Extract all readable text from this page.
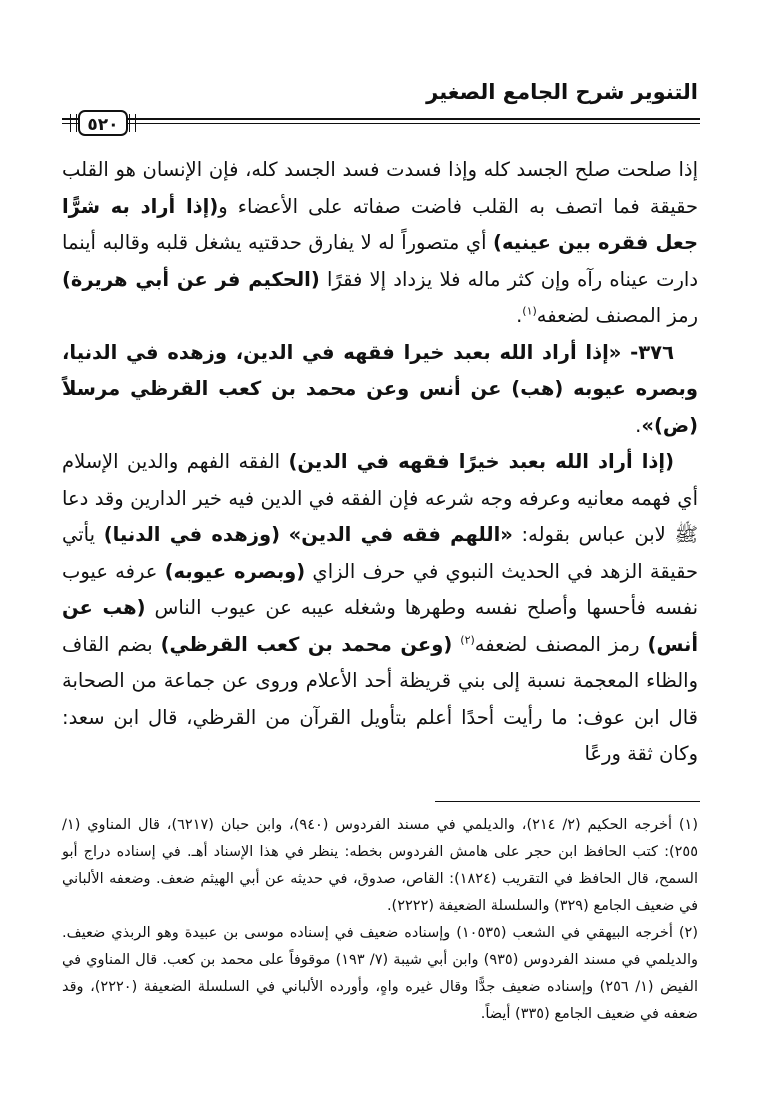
التنوير شرح الجامع الصغير
٥٢٠

إذا صلحت صلح الجسد كله وإذا فسدت فسد الجسد كله، فإن الإنسان هو القلب حقيقة فما اتصف به القلب فاضت صفاته على الأعضاء و(إذا أراد به شرًّا جعل فقره بين عينيه) أي متصوراً له لا يفارق حدقتيه يشغل قلبه وقالبه أينما دارت عيناه رآه وإن كثر ماله فلا يزداد إلا فقرًا (الحكيم فر عن أبي هريرة) رمز المصنف لضعفه$^{(١)}$.

٣٧٦- «إذا أراد الله بعبد خيرا فقهه في الدين، وزهده في الدنيا، وبصره عيوبه (هب) عن أنس وعن محمد بن كعب القرظي مرسلاً (ض)».

(إذا أراد الله بعبد خيرًا فقهه في الدين) الفقه الفهم والدين الإسلام أي فهمه معانيه وعرفه وجه شرعه فإن الفقه في الدين فيه خير الدارين وقد دعا ﷺ لابن عباس بقوله: «اللهم فقه في الدين» (وزهده في الدنيا) يأتي حقيقة الزهد في الحديث النبوي في حرف الزاي (وبصره عيوبه) عرفه عيوب نفسه فأحسها وأصلح نفسه وطهرها وشغله عيبه عن عيوب الناس (هب عن أنس) رمز المصنف لضعفه$^{(٢)}$ (وعن محمد بن كعب القرظي) بضم القاف والظاء المعجمة نسبة إلى بني قريظة أحد الأعلام وروى عن جماعة من الصحابة قال ابن عوف: ما رأيت أحدًا أعلم بتأويل القرآن من القرظي، قال ابن سعد: وكان ثقة ورعًا

(١) أخرجه الحكيم (٢/ ٢١٤)، والديلمي في مسند الفردوس (٩٤٠)، وابن حبان (٦٢١٧)، قال المناوي (١/ ٢٥٥): كتب الحافظ ابن حجر على هامش الفردوس بخطه: ينظر في هذا الإسناد أهـ. في إسناده دراج أبو السمح، قال الحافظ في التقريب (١٨٢٤): القاص، صدوق، في حديثه عن أبي الهيثم ضعف. وضعفه الألباني في ضعيف الجامع (٣٢٩) والسلسلة الضعيفة (٢٢٢٢).

(٢) أخرجه البيهقي في الشعب (١٠٥٣٥) وإسناده ضعيف في إسناده موسى بن عبيدة وهو الربذي ضعيف. والديلمي في مسند الفردوس (٩٣٥) وابن أبي شيبة (٧/ ١٩٣) موقوفاً على محمد بن كعب. قال المناوي في الفيض (١/ ٢٥٦) وإسناده ضعيف جدًّا وقال غيره واهٍ، وأورده الألباني في السلسلة الضعيفة (٢٢٢٠)، وقد ضعفه في ضعيف الجامع (٣٣٥) أيضاً.
